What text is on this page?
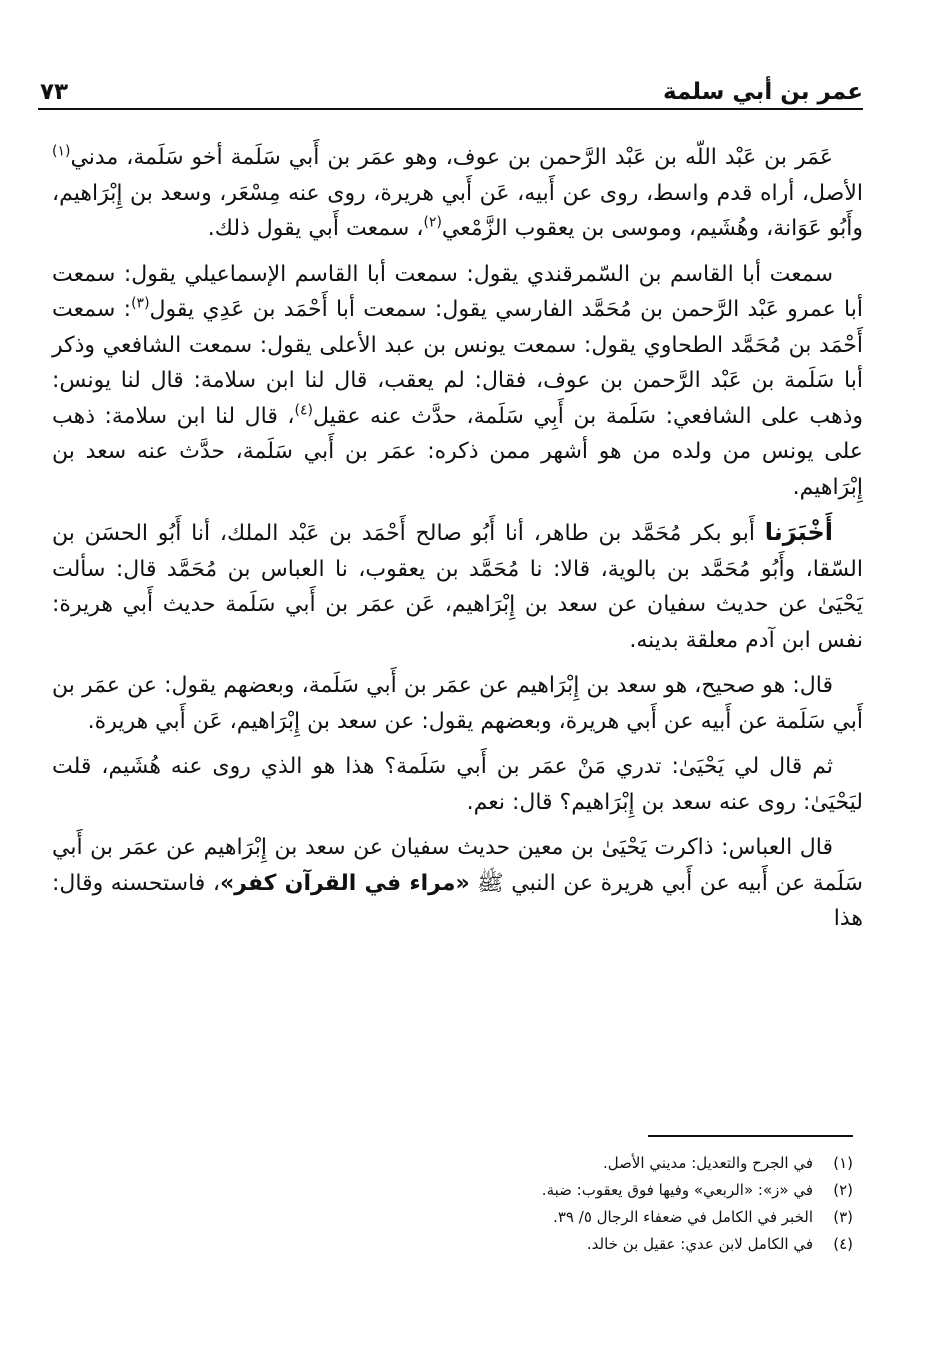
عمر بن أبي سلمة
٧٣

عَمَر بن عَبْد اللّه بن عَبْد الرَّحمن بن عوف، وهو عمَر بن أَبي سَلَمة أخو سَلَمة، مدني$^{(١)}$ الأصل، أراه قدم واسط، روى عن أَبيه، عَن أَبي هريرة، روى عنه مِسْعَر، وسعد بن إِبْرَاهيم، وأَبُو عَوَانة، وهُشَيم، وموسى بن يعقوب الزَّمْعي$^{(٢)}$، سمعت أَبي يقول ذلك.

سمعت أبا القاسم بن السّمرقندي يقول: سمعت أبا القاسم الإسماعيلي يقول: سمعت أبا عمرو عَبْد الرَّحمن بن مُحَمَّد الفارسي يقول: سمعت أبا أَحْمَد بن عَدِي يقول$^{(٣)}$: سمعت أَحْمَد بن مُحَمَّد الطحاوي يقول: سمعت يونس بن عبد الأعلى يقول: سمعت الشافعي وذكر أبا سَلَمة بن عَبْد الرَّحمن بن عوف، فقال: لم يعقب، قال لنا ابن سلامة: قال لنا يونس: وذهب على الشافعي: سَلَمة بن أَبِي سَلَمة، حدَّث عنه عقيل$^{(٤)}$، قال لنا ابن سلامة: ذهب على يونس من ولده من هو أشهر ممن ذكره: عمَر بن أَبي سَلَمة، حدَّث عنه سعد بن إِبْرَاهيم.

أَخْبَرَنا أَبو بكر مُحَمَّد بن طاهر، أنا أَبُو صالح أَحْمَد بن عَبْد الملك، أنا أَبُو الحسَن بن السّقا، وأَبُو مُحَمَّد بن بالوية، قالا: نا مُحَمَّد بن يعقوب، نا العباس بن مُحَمَّد قال: سألت يَحْيَىٰ عن حديث سفيان عن سعد بن إِبْرَاهيم، عَن عمَر بن أَبي سَلَمة حديث أَبي هريرة: نفس ابن آدم معلقة بدينه.

قال: هو صحيح، هو سعد بن إِبْرَاهيم عن عمَر بن أَبي سَلَمة، وبعضهم يقول: عن عمَر بن أَبي سَلَمة عن أَبيه عن أَبي هريرة، وبعضهم يقول: عن سعد بن إِبْرَاهيم، عَن أَبي هريرة.

ثم قال لي يَحْيَىٰ: تدري مَنْ عمَر بن أَبي سَلَمة؟ هذا هو الذي روى عنه هُشَيم، قلت ليَحْيَىٰ: روى عنه سعد بن إِبْرَاهيم؟ قال: نعم.

قال العباس: ذاكرت يَحْيَىٰ بن معين حديث سفيان عن سعد بن إِبْرَاهيم عن عمَر بن أَبي سَلَمة عن أَبيه عن أَبي هريرة عن النبي ﷺ «مراء في القرآن كفر»، فاستحسنه وقال: هذا

(١)
في الجرح والتعديل: مديني الأصل.
(٢)
في «ز»: «الربعي» وفيها فوق يعقوب: ضبة.
(٣)
الخبر في الكامل في ضعفاء الرجال ٥/ ٣٩.
(٤)
في الكامل لابن عدي: عقيل بن خالد.
